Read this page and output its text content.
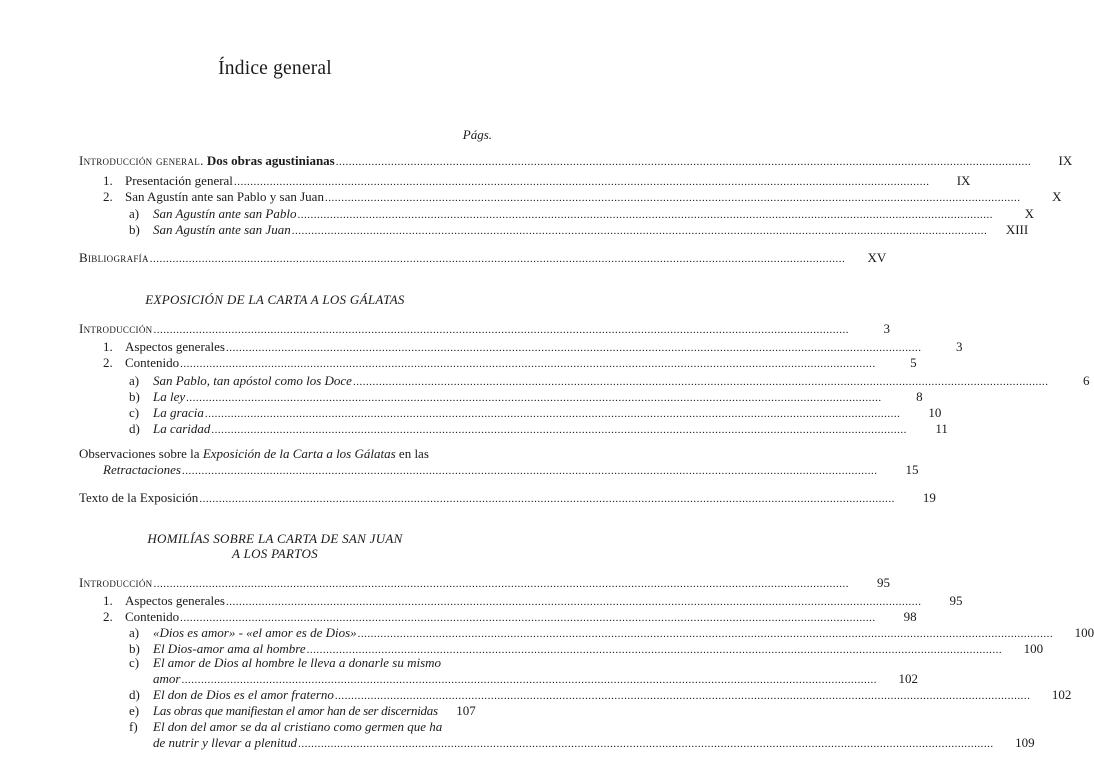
Índice general
Págs.
Introducción general. Dos obras agustinianas .....	IX
1. Presentación general .....	IX
2. San Agustín ante san Pablo y san Juan .....	X
a)	San Agustín ante san Pablo .....	X
b)	San Agustín ante san Juan .....	XIII
Bibliografía .....	XV
EXPOSICIÓN DE LA CARTA A LOS GÁLATAS
Introducción .....	3
1. Aspectos generales .....	3
2. Contenido .....	5
a)	San Pablo, tan apóstol como los Doce .....	6
b)	La ley .....	8
c)	La gracia .....	10
d)	La caridad .....	11
Observaciones sobre la Exposición de la Carta a los Gálatas en las
Retractaciones .....	15
Texto de la Exposición .....	19
HOMILÍAS SOBRE LA CARTA DE SAN JUAN
A LOS PARTOS
Introducción .....	95
1. Aspectos generales .....	95
2. Contenido .....	98
a)	«Dios es amor» - «el amor es de Dios» .....	100
b)	El Dios-amor ama al hombre .....	100
c) El amor de Dios al hombre le lleva a donarle su mismo
amor .....	102
d)	El don de Dios es el amor fraterno .....	102
e)	Las obras que manifiestan el amor han de ser discernidas	107
f) El don del amor se da al cristiano como germen que ha
de nutrir y llevar a plenitud .....	109
